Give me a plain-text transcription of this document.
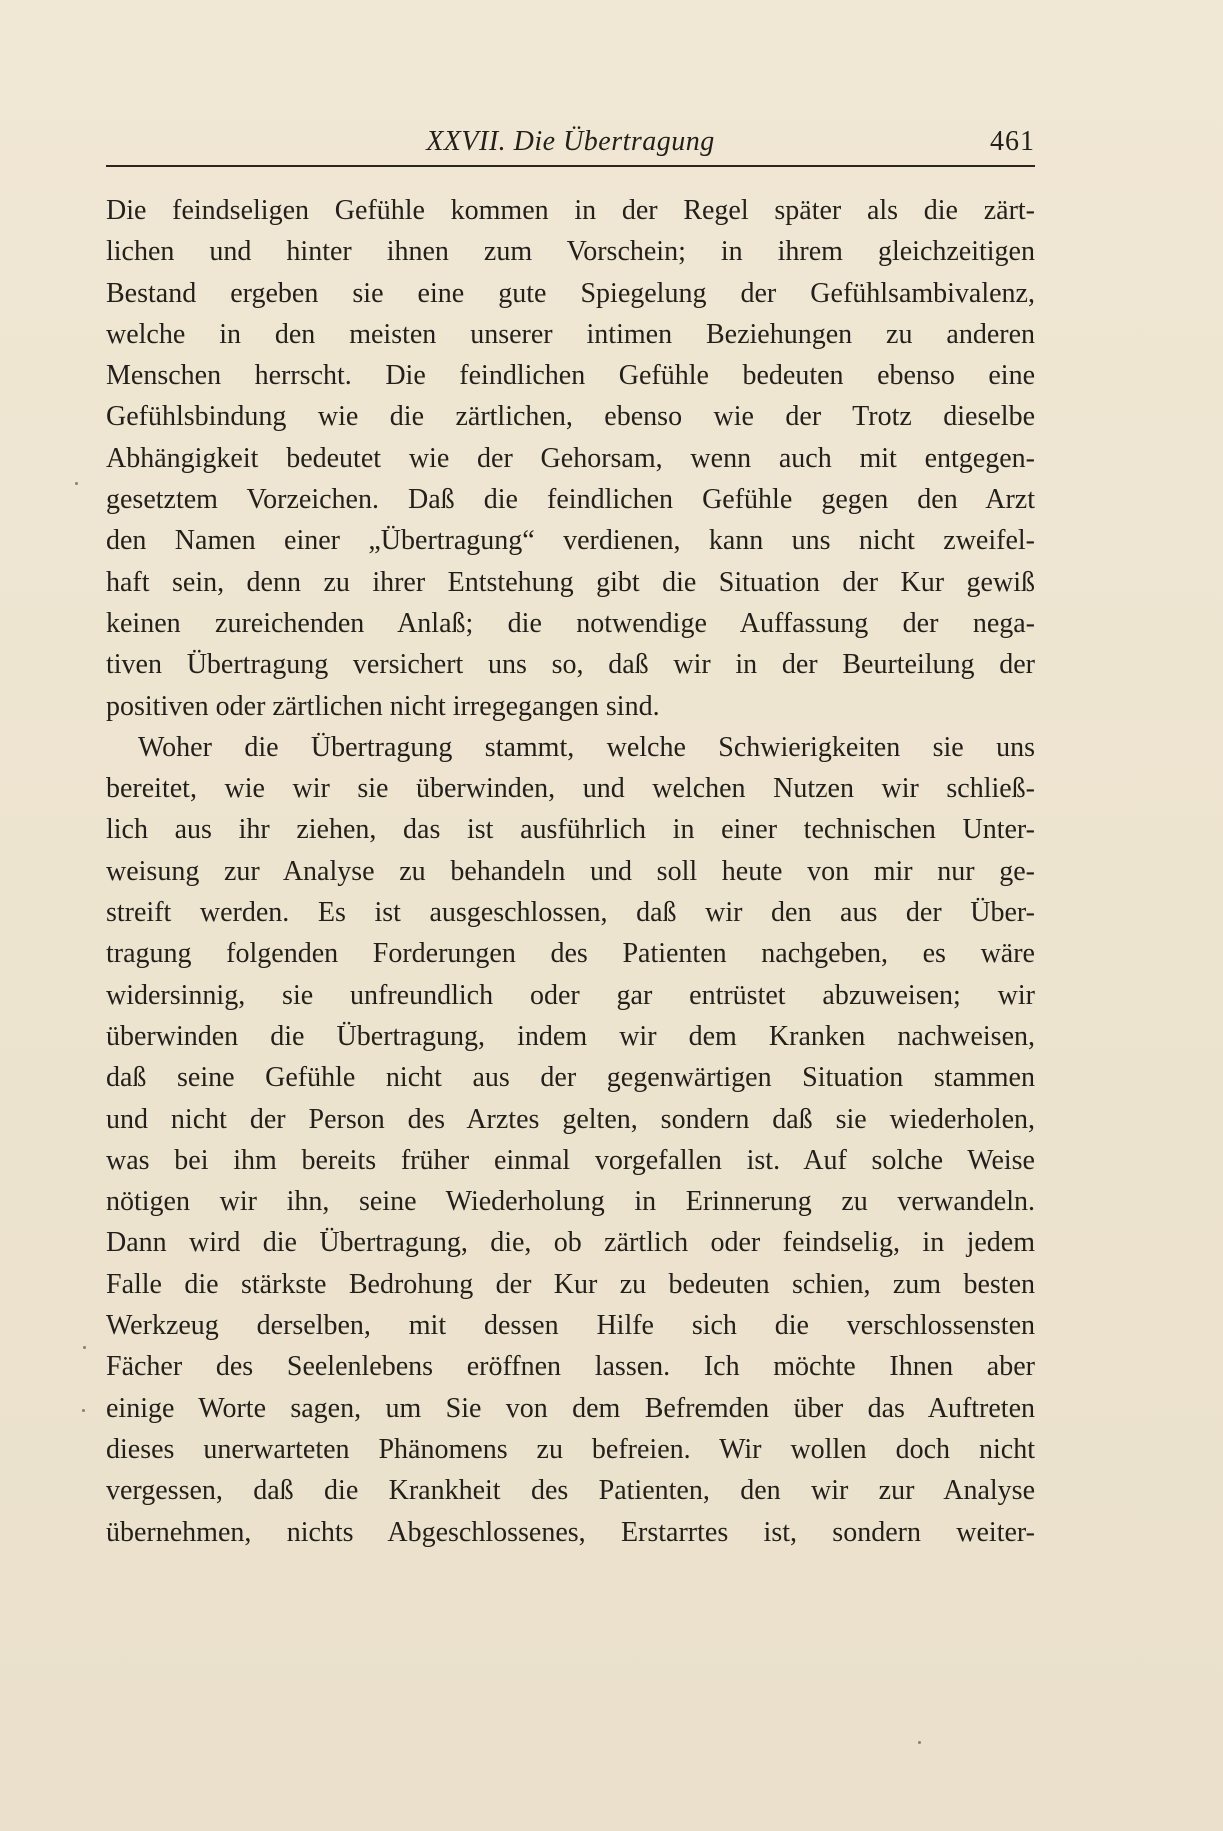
XXVII. Die Übertragung	461
Die feindseligen Gefühle kommen in der Regel später als die zärt-
lichen und hinter ihnen zum Vorschein; in ihrem gleichzeitigen
Bestand ergeben sie eine gute Spiegelung der Gefühlsambivalenz,
welche in den meisten unserer intimen Beziehungen zu anderen
Menschen herrscht. Die feindlichen Gefühle bedeuten ebenso eine
Gefühlsbindung wie die zärtlichen, ebenso wie der Trotz dieselbe
Abhängigkeit bedeutet wie der Gehorsam, wenn auch mit entgegen-
gesetztem Vorzeichen. Daß die feindlichen Gefühle gegen den Arzt
den Namen einer „Übertragung“ verdienen, kann uns nicht zweifel-
haft sein, denn zu ihrer Entstehung gibt die Situation der Kur gewiß
keinen zureichenden Anlaß; die notwendige Auffassung der nega-
tiven Übertragung versichert uns so, daß wir in der Beurteilung der
positiven oder zärtlichen nicht irregegangen sind.
Woher die Übertragung stammt, welche Schwierigkeiten sie uns
bereitet, wie wir sie überwinden, und welchen Nutzen wir schließ-
lich aus ihr ziehen, das ist ausführlich in einer technischen Unter-
weisung zur Analyse zu behandeln und soll heute von mir nur ge-
streift werden. Es ist ausgeschlossen, daß wir den aus der Über-
tragung folgenden Forderungen des Patienten nachgeben, es wäre
widersinnig, sie unfreundlich oder gar entrüstet abzuweisen; wir
überwinden die Übertragung, indem wir dem Kranken nachweisen,
daß seine Gefühle nicht aus der gegenwärtigen Situation stammen
und nicht der Person des Arztes gelten, sondern daß sie wiederholen,
was bei ihm bereits früher einmal vorgefallen ist. Auf solche Weise
nötigen wir ihn, seine Wiederholung in Erinnerung zu verwandeln.
Dann wird die Übertragung, die, ob zärtlich oder feindselig, in jedem
Falle die stärkste Bedrohung der Kur zu bedeuten schien, zum besten
Werkzeug derselben, mit dessen Hilfe sich die verschlossensten
Fächer des Seelenlebens eröffnen lassen. Ich möchte Ihnen aber
einige Worte sagen, um Sie von dem Befremden über das Auftreten
dieses unerwarteten Phänomens zu befreien. Wir wollen doch nicht
vergessen, daß die Krankheit des Patienten, den wir zur Analyse
übernehmen, nichts Abgeschlossenes, Erstarrtes ist, sondern weiter-
